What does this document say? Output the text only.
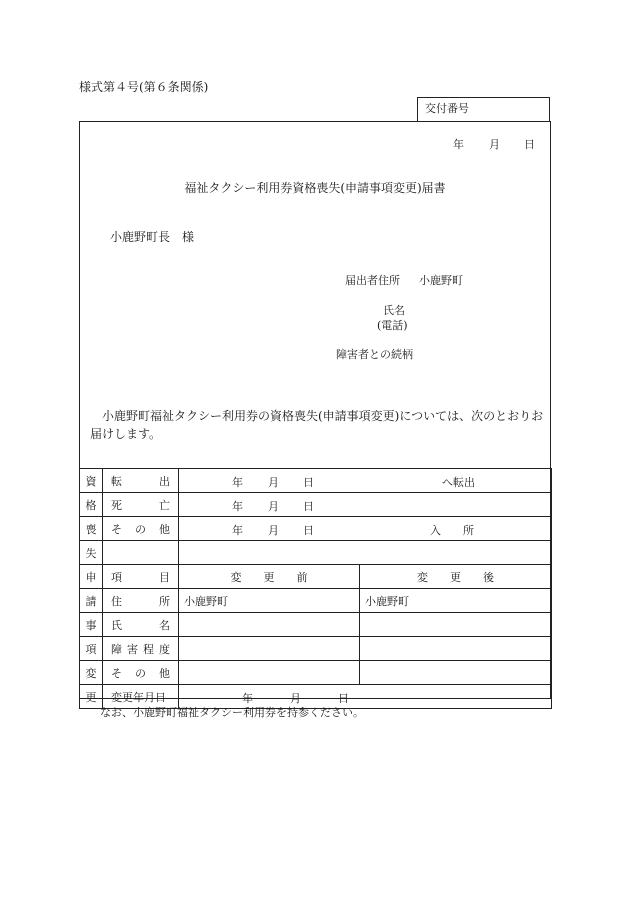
様式第４号(第６条関係)
交付番号
年 月 日
福祉タクシー利用券資格喪失(申請事項変更)届書
小鹿野町長　様
届出者住所 小鹿野町
氏名
(電話)
障害者との続柄
 小鹿野町福祉タクシー利用券の資格喪失(申請事項変更)については、次のとおりお届けします。
資	転　　出	年 月 日 へ転出	

格	死　　亡	年 月 日	

喪	そ の 他	年 月 日 入　　所	

失			
申	項　　目	変　　更　　前	変　　更　　後
請	住　　所	小鹿野町	小鹿野町
事	氏　　名		
項	障害程度		
変	そ の 他		
更	変更年月日	年 月 日	
なお、小鹿野町福祉タクシー利用券を持参ください。
